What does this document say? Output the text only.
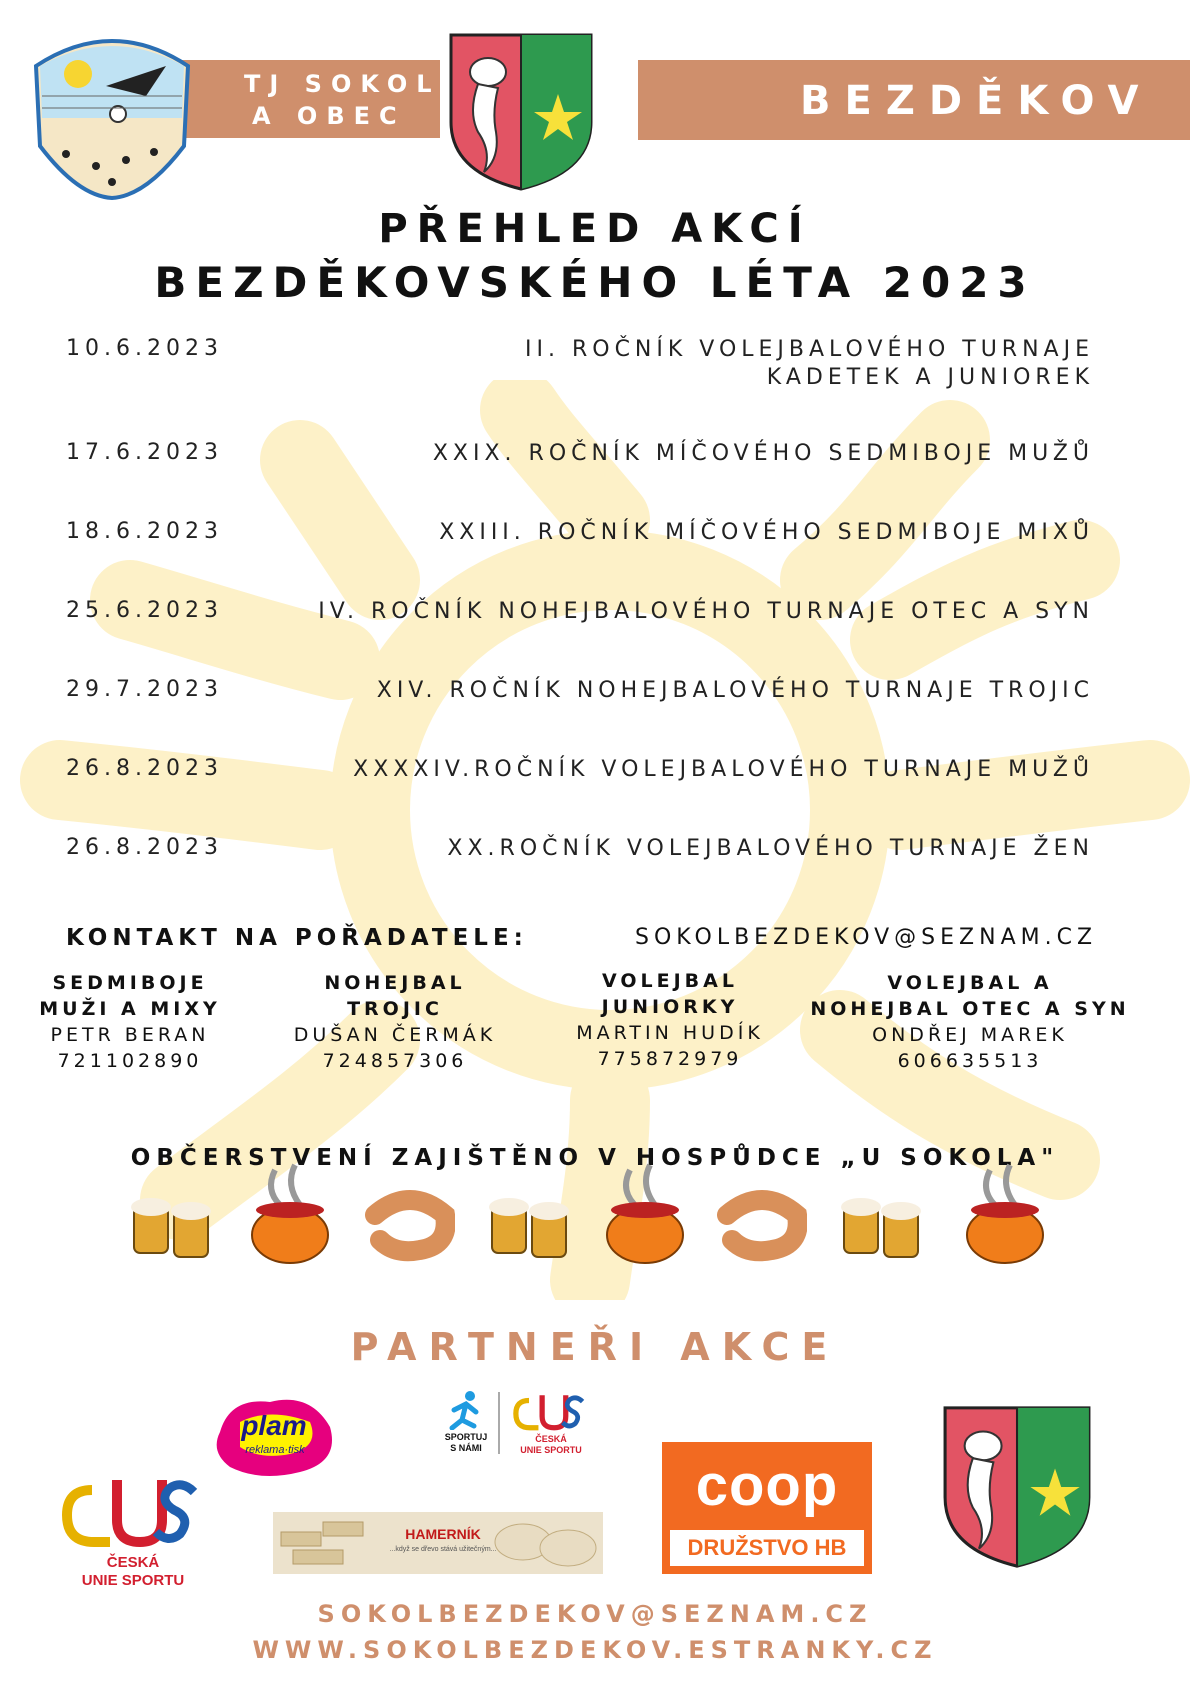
TJ SOKOL
A OBEC	BEZDĚKOV
PŘEHLED AKCÍ
BEZDĚKOVSKÉHO LÉTA 2023
10.6.2023	II. ROČNÍK VOLEJBALOVÉHO TURNAJE
KADETEK A JUNIOREK
17.6.2023	XXIX. ROČNÍK MÍČOVÉHO SEDMIBOJE MUŽŮ
18.6.2023	XXIII. ROČNÍK MÍČOVÉHO SEDMIBOJE MIXŮ
25.6.2023	IV. ROČNÍK NOHEJBALOVÉHO TURNAJE OTEC A SYN
29.7.2023	XIV. ROČNÍK NOHEJBALOVÉHO TURNAJE TROJIC
26.8.2023	XXXXIV.ROČNÍK VOLEJBALOVÉHO TURNAJE MUŽŮ
26.8.2023	XX.ROČNÍK VOLEJBALOVÉHO TURNAJE ŽEN
KONTAKT NA POŘADATELE:	SOKOLBEZDEKOV@SEZNAM.CZ
SEDMIBOJE
MUŽI A MIXY
PETR BERAN
721102890
NOHEJBAL
TROJIC
DUŠAN ČERMÁK
724857306
VOLEJBAL
JUNIORKY
MARTIN HUDÍK
775872979
VOLEJBAL A
NOHEJBAL OTEC A SYN
ONDŘEJ MAREK
606635513
OBČERSTVENÍ ZAJIŠTĚNO V HOSPŮDCE „U SOKOLA"
PARTNEŘI AKCE
plam
reklama·tisk
ČESKÁ
UNIE SPORTU
SPORTUJ
S NÁMI
ČESKÁ
UNIE SPORTU
HAMERNÍK
...když se dřevo stává užitečným...
coop
DRUŽSTVO HB
SOKOLBEZDEKOV@SEZNAM.CZ
WWW.SOKOLBEZDEKOV.ESTRANKY.CZ
